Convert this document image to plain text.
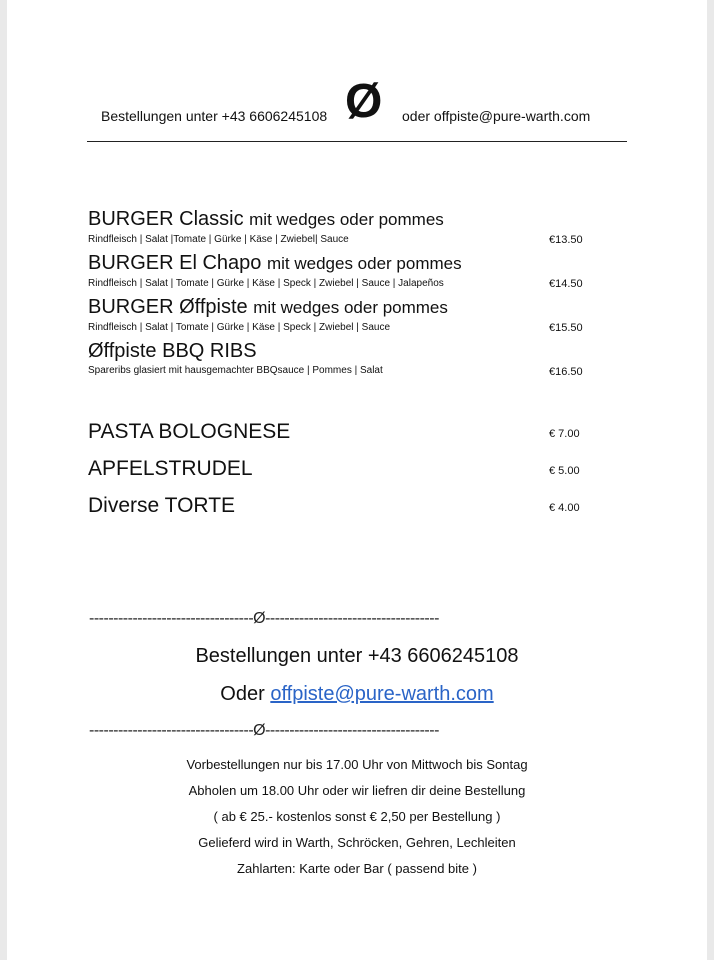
Bestellungen unter +43 6606245108 Ø oder offpiste@pure-warth.com
BURGER Classic mit wedges oder pommes
Rindfleisch | Salat |Tomate | Gürke | Käse | Zwiebel| Sauce	€13.50
BURGER El Chapo mit wedges oder pommes
Rindfleisch | Salat | Tomate | Gürke | Käse | Speck | Zwiebel | Sauce | Jalapeños	€14.50
BURGER Øffpiste mit wedges oder pommes
Rindfleisch | Salat | Tomate | Gürke | Käse | Speck | Zwiebel | Sauce	€15.50
Øffpiste BBQ RIBS
Spareribs glasiert mit hausgemachter BBQsauce | Pommes | Salat	€16.50
PASTA BOLOGNESE	€ 7.00
APFELSTRUDEL	€ 5.00
Diverse TORTE	€ 4.00
----------------------------------Ø------------------------------------
Bestellungen unter +43 6606245108
Oder offpiste@pure-warth.com
----------------------------------Ø------------------------------------
Vorbestellungen nur bis 17.00 Uhr von Mittwoch bis Sontag
Abholen um 18.00 Uhr oder wir liefren dir deine Bestellung
( ab € 25.- kostenlos sonst € 2,50 per Bestellung )
Gelieferd wird in Warth, Schröcken, Gehren, Lechleiten
Zahlarten: Karte oder Bar ( passend bite )
